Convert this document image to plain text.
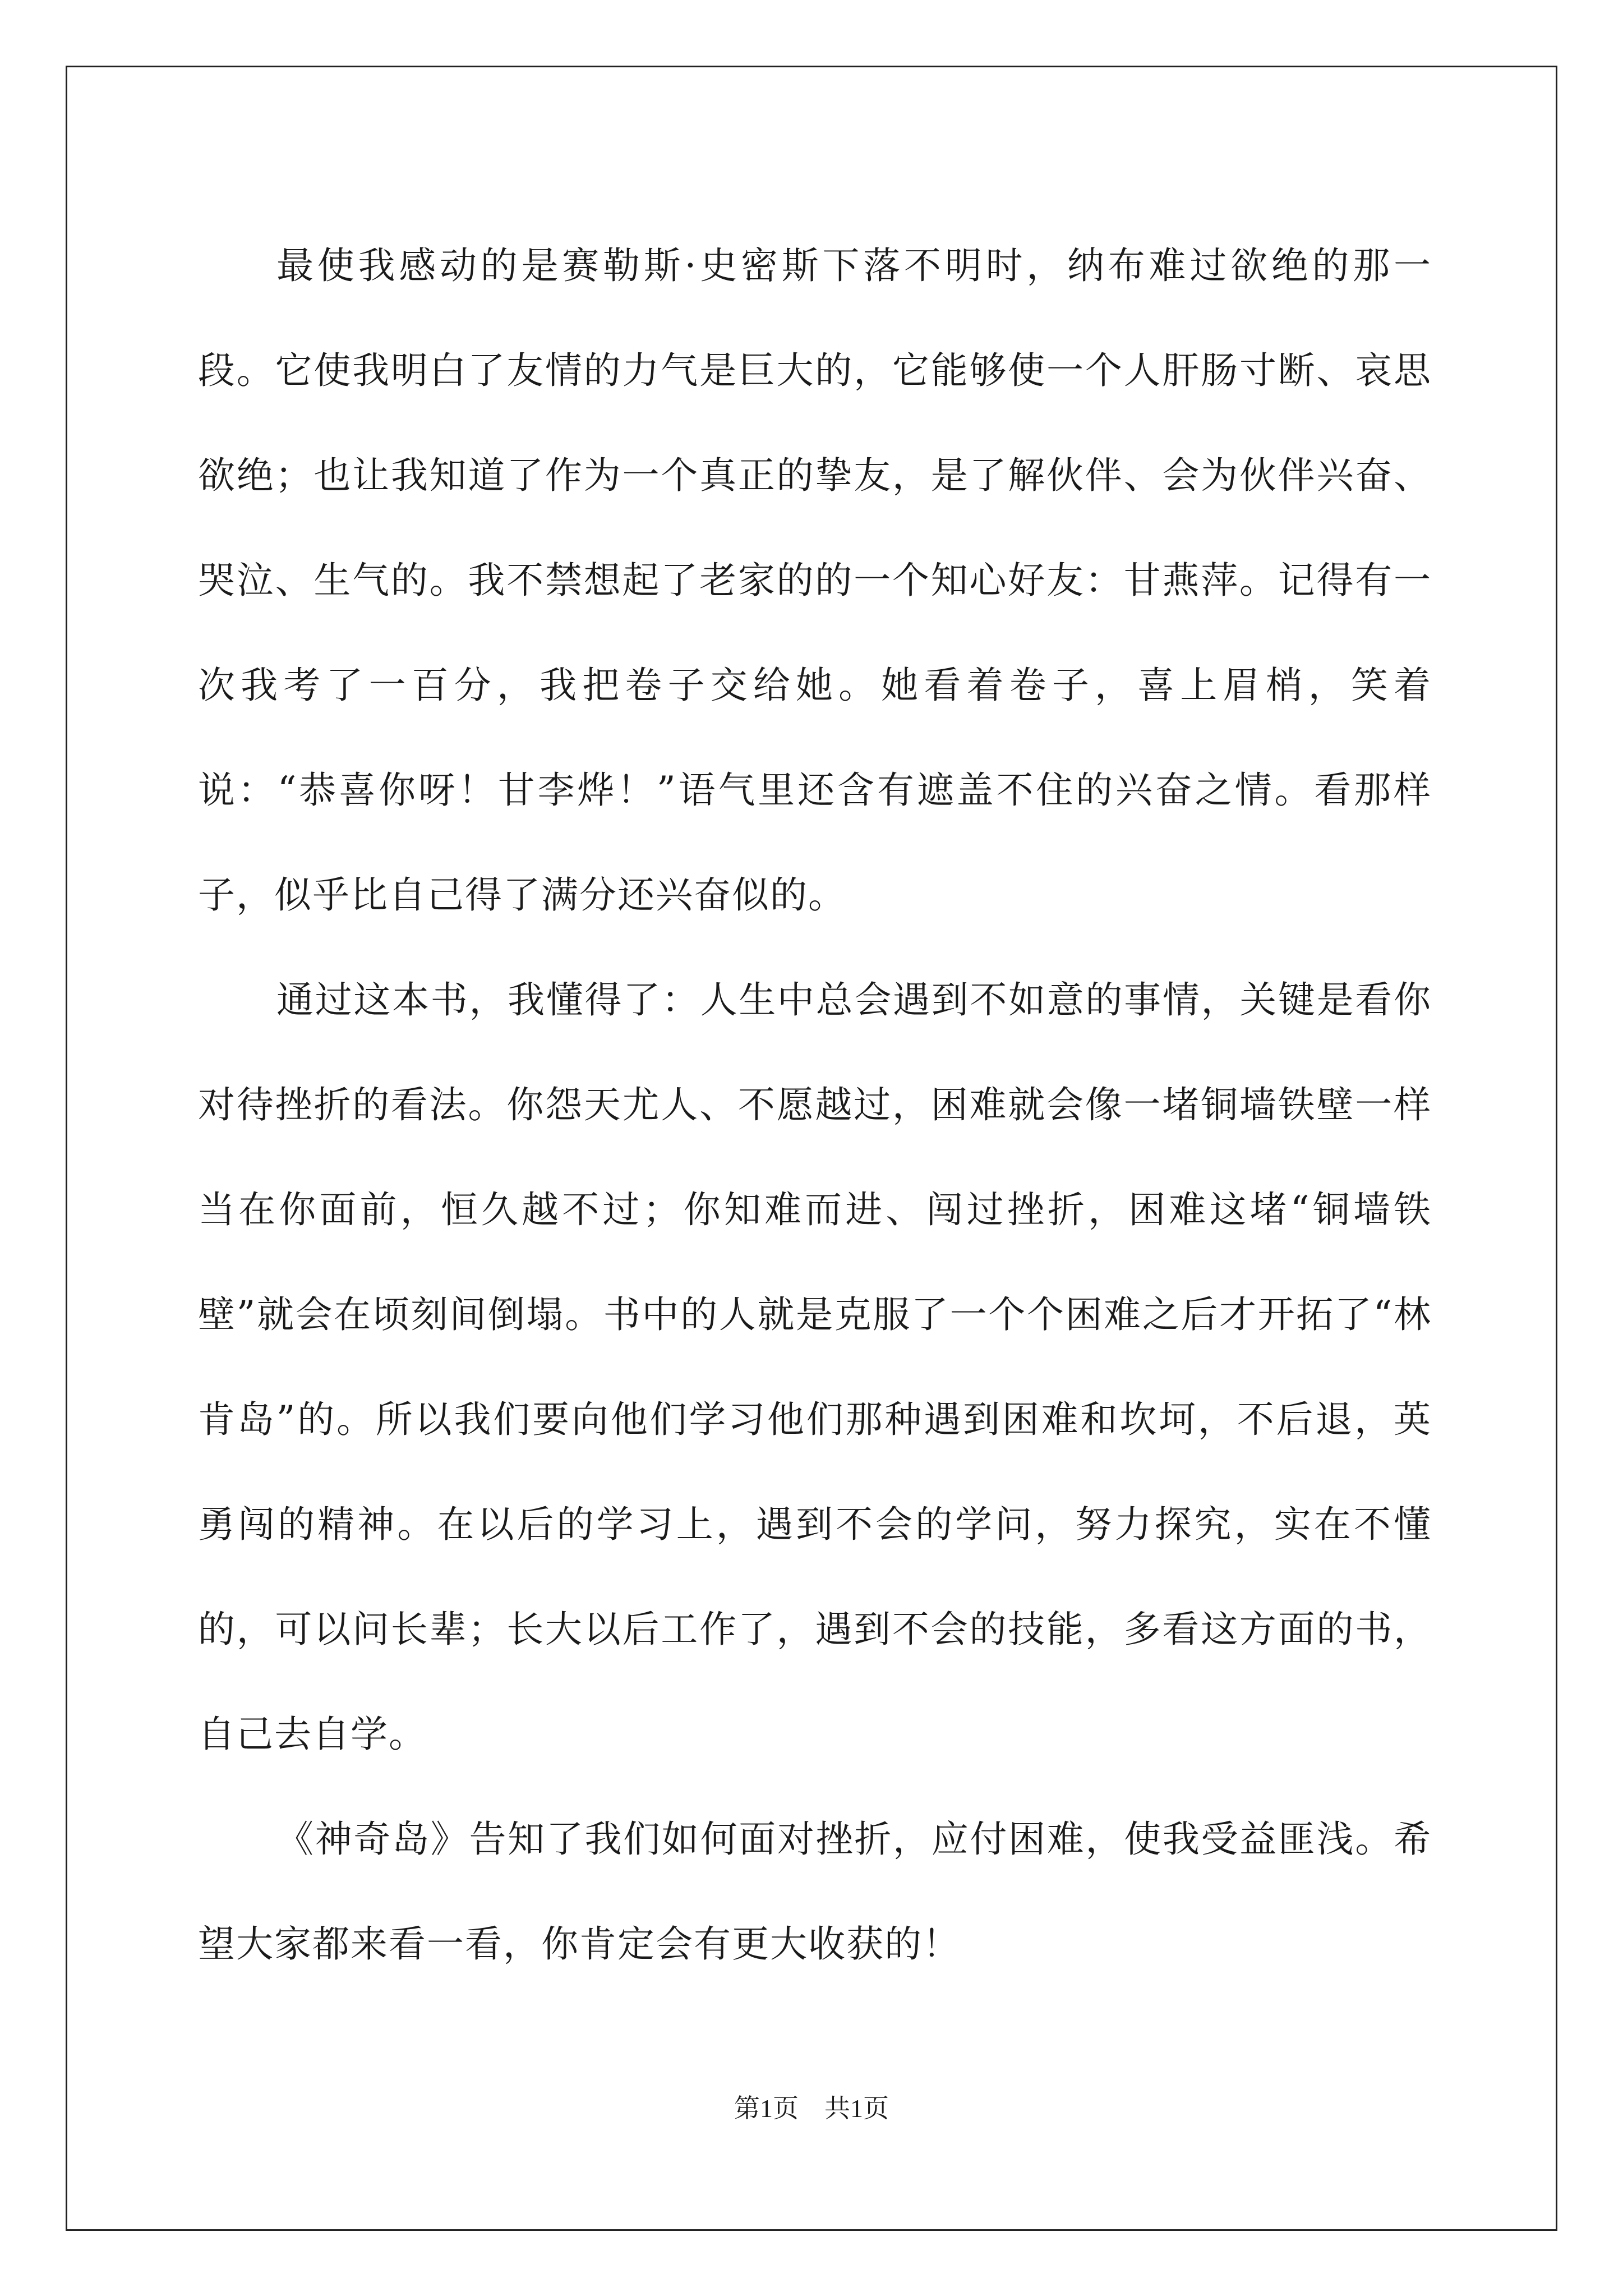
最使我感动的是赛勒斯·史密斯下落不明时，纳布难过欲绝的那一段。它使我明白了友情的力气是巨大的，它能够使一个人肝肠寸断、哀思欲绝；也让我知道了作为一个真正的挚友，是了解伙伴、会为伙伴兴奋、哭泣、生气的。我不禁想起了老家的的一个知心好友：甘燕萍。记得有一次我考了一百分，我把卷子交给她。她看着卷子，喜上眉梢，笑着说：“恭喜你呀！甘李烨！”语气里还含有遮盖不住的兴奋之情。看那样子，似乎比自己得了满分还兴奋似的。

通过这本书，我懂得了：人生中总会遇到不如意的事情，关键是看你对待挫折的看法。你怨天尤人、不愿越过，困难就会像一堵铜墙铁壁一样当在你面前，恒久越不过；你知难而进、闯过挫折，困难这堵“铜墙铁壁”就会在顷刻间倒塌。书中的人就是克服了一个个困难之后才开拓了“林肯岛”的。所以我们要向他们学习他们那种遇到困难和坎坷，不后退，英勇闯的精神。在以后的学习上，遇到不会的学问，努力探究，实在不懂的，可以问长辈；长大以后工作了，遇到不会的技能，多看这方面的书，自己去自学。

《神奇岛》告知了我们如何面对挫折，应付困难，使我受益匪浅。希望大家都来看一看，你肯定会有更大收获的！

第1页　共1页
